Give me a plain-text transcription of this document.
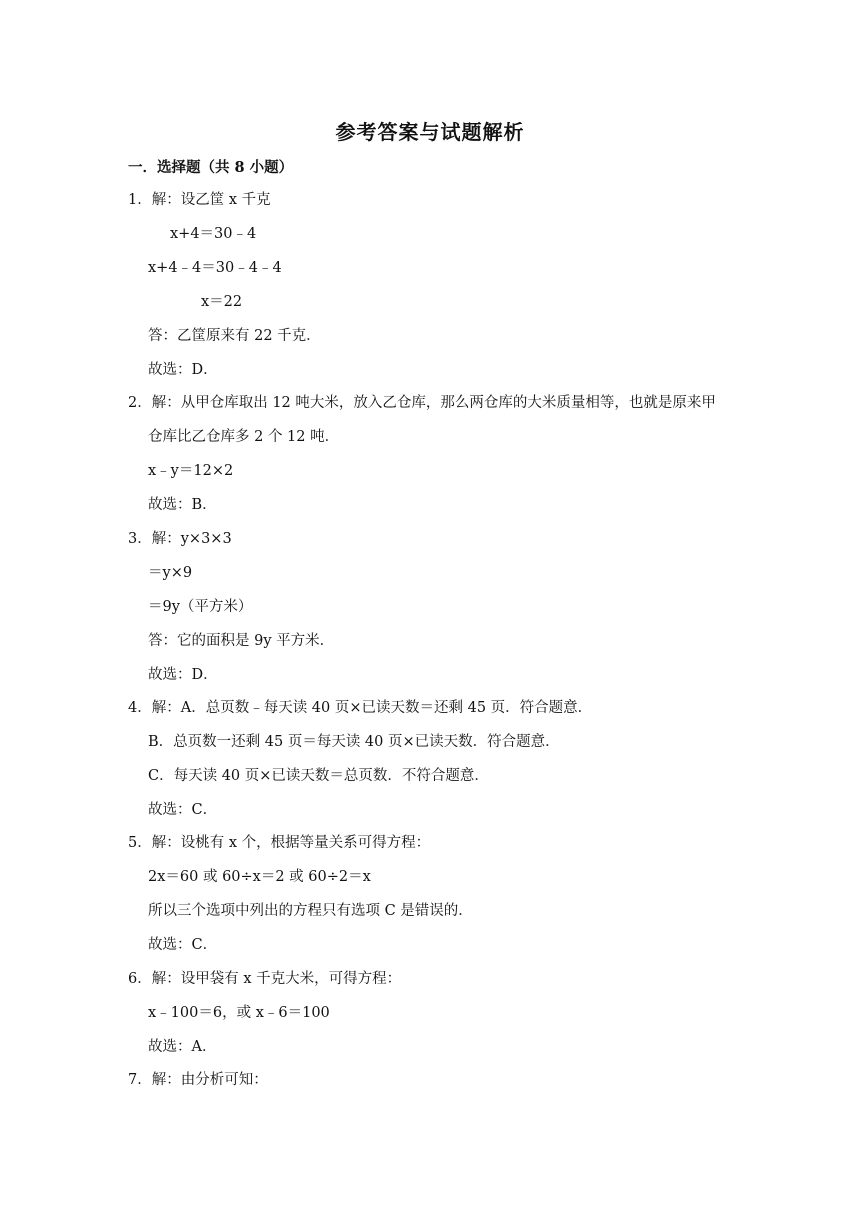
参考答案与试题解析
一．选择题（共 8 小题）
1．解：设乙筐 x 千克
x+4＝30﹣4
x+4﹣4＝30﹣4﹣4
x＝22
答：乙筐原来有 22 千克．
故选：D．
2．解：从甲仓库取出 12 吨大米，放入乙仓库，那么两仓库的大米质量相等，也就是原来甲
仓库比乙仓库多 2 个 12 吨．
x﹣y＝12×2
故选：B．
3．解：y×3×3
＝y×9
＝9y（平方米）
答：它的面积是 9y 平方米．
故选：D．
4．解：A．总页数﹣每天读 40 页×已读天数＝还剩 45 页．符合题意．
B．总页数一还剩 45 页＝每天读 40 页×已读天数．符合题意．
C．每天读 40 页×已读天数＝总页数．不符合题意．
故选：C．
5．解：设桃有 x 个，根据等量关系可得方程：
2x＝60 或 60÷x＝2 或 60÷2＝x
所以三个选项中列出的方程只有选项 C 是错误的．
故选：C．
6．解：设甲袋有 x 千克大米，可得方程：
x﹣100＝6，或 x﹣6＝100
故选：A．
7．解：由分析可知：
